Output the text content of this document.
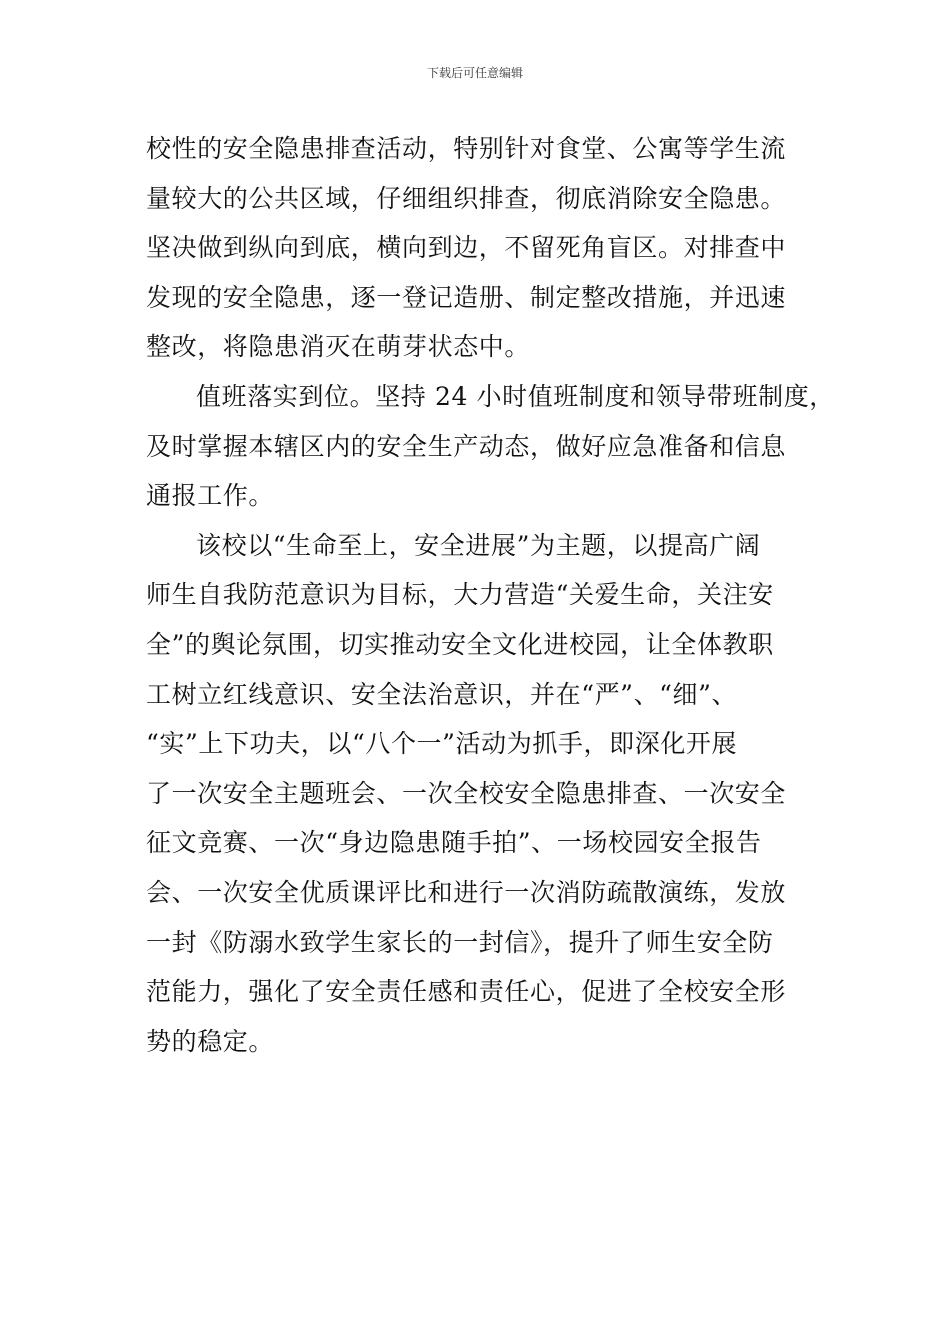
下载后可任意编辑
校性的安全隐患排查活动，特别针对食堂、公寓等学生流
量较大的公共区域，仔细组织排查，彻底消除安全隐患。
坚决做到纵向到底，横向到边，不留死角盲区。对排查中
发现的安全隐患，逐一登记造册、制定整改措施，并迅速
整改，将隐患消灭在萌芽状态中。
值班落实到位。坚持 24 小时值班制度和领导带班制度，
及时掌握本辖区内的安全生产动态，做好应急准备和信息
通报工作。
该校以“生命至上，安全进展”为主题，以提高广阔
师生自我防范意识为目标，大力营造“关爱生命，关注安
全”的舆论氛围，切实推动安全文化进校园，让全体教职
工树立红线意识、安全法治意识，并在“严”、“细”、
“实”上下功夫，以“八个一”活动为抓手，即深化开展
了一次安全主题班会、一次全校安全隐患排查、一次安全
征文竞赛、一次“身边隐患随手拍”、一场校园安全报告
会、一次安全优质课评比和进行一次消防疏散演练，发放
一封《防溺水致学生家长的一封信》，提升了师生安全防
范能力，强化了安全责任感和责任心，促进了全校安全形
势的稳定。
